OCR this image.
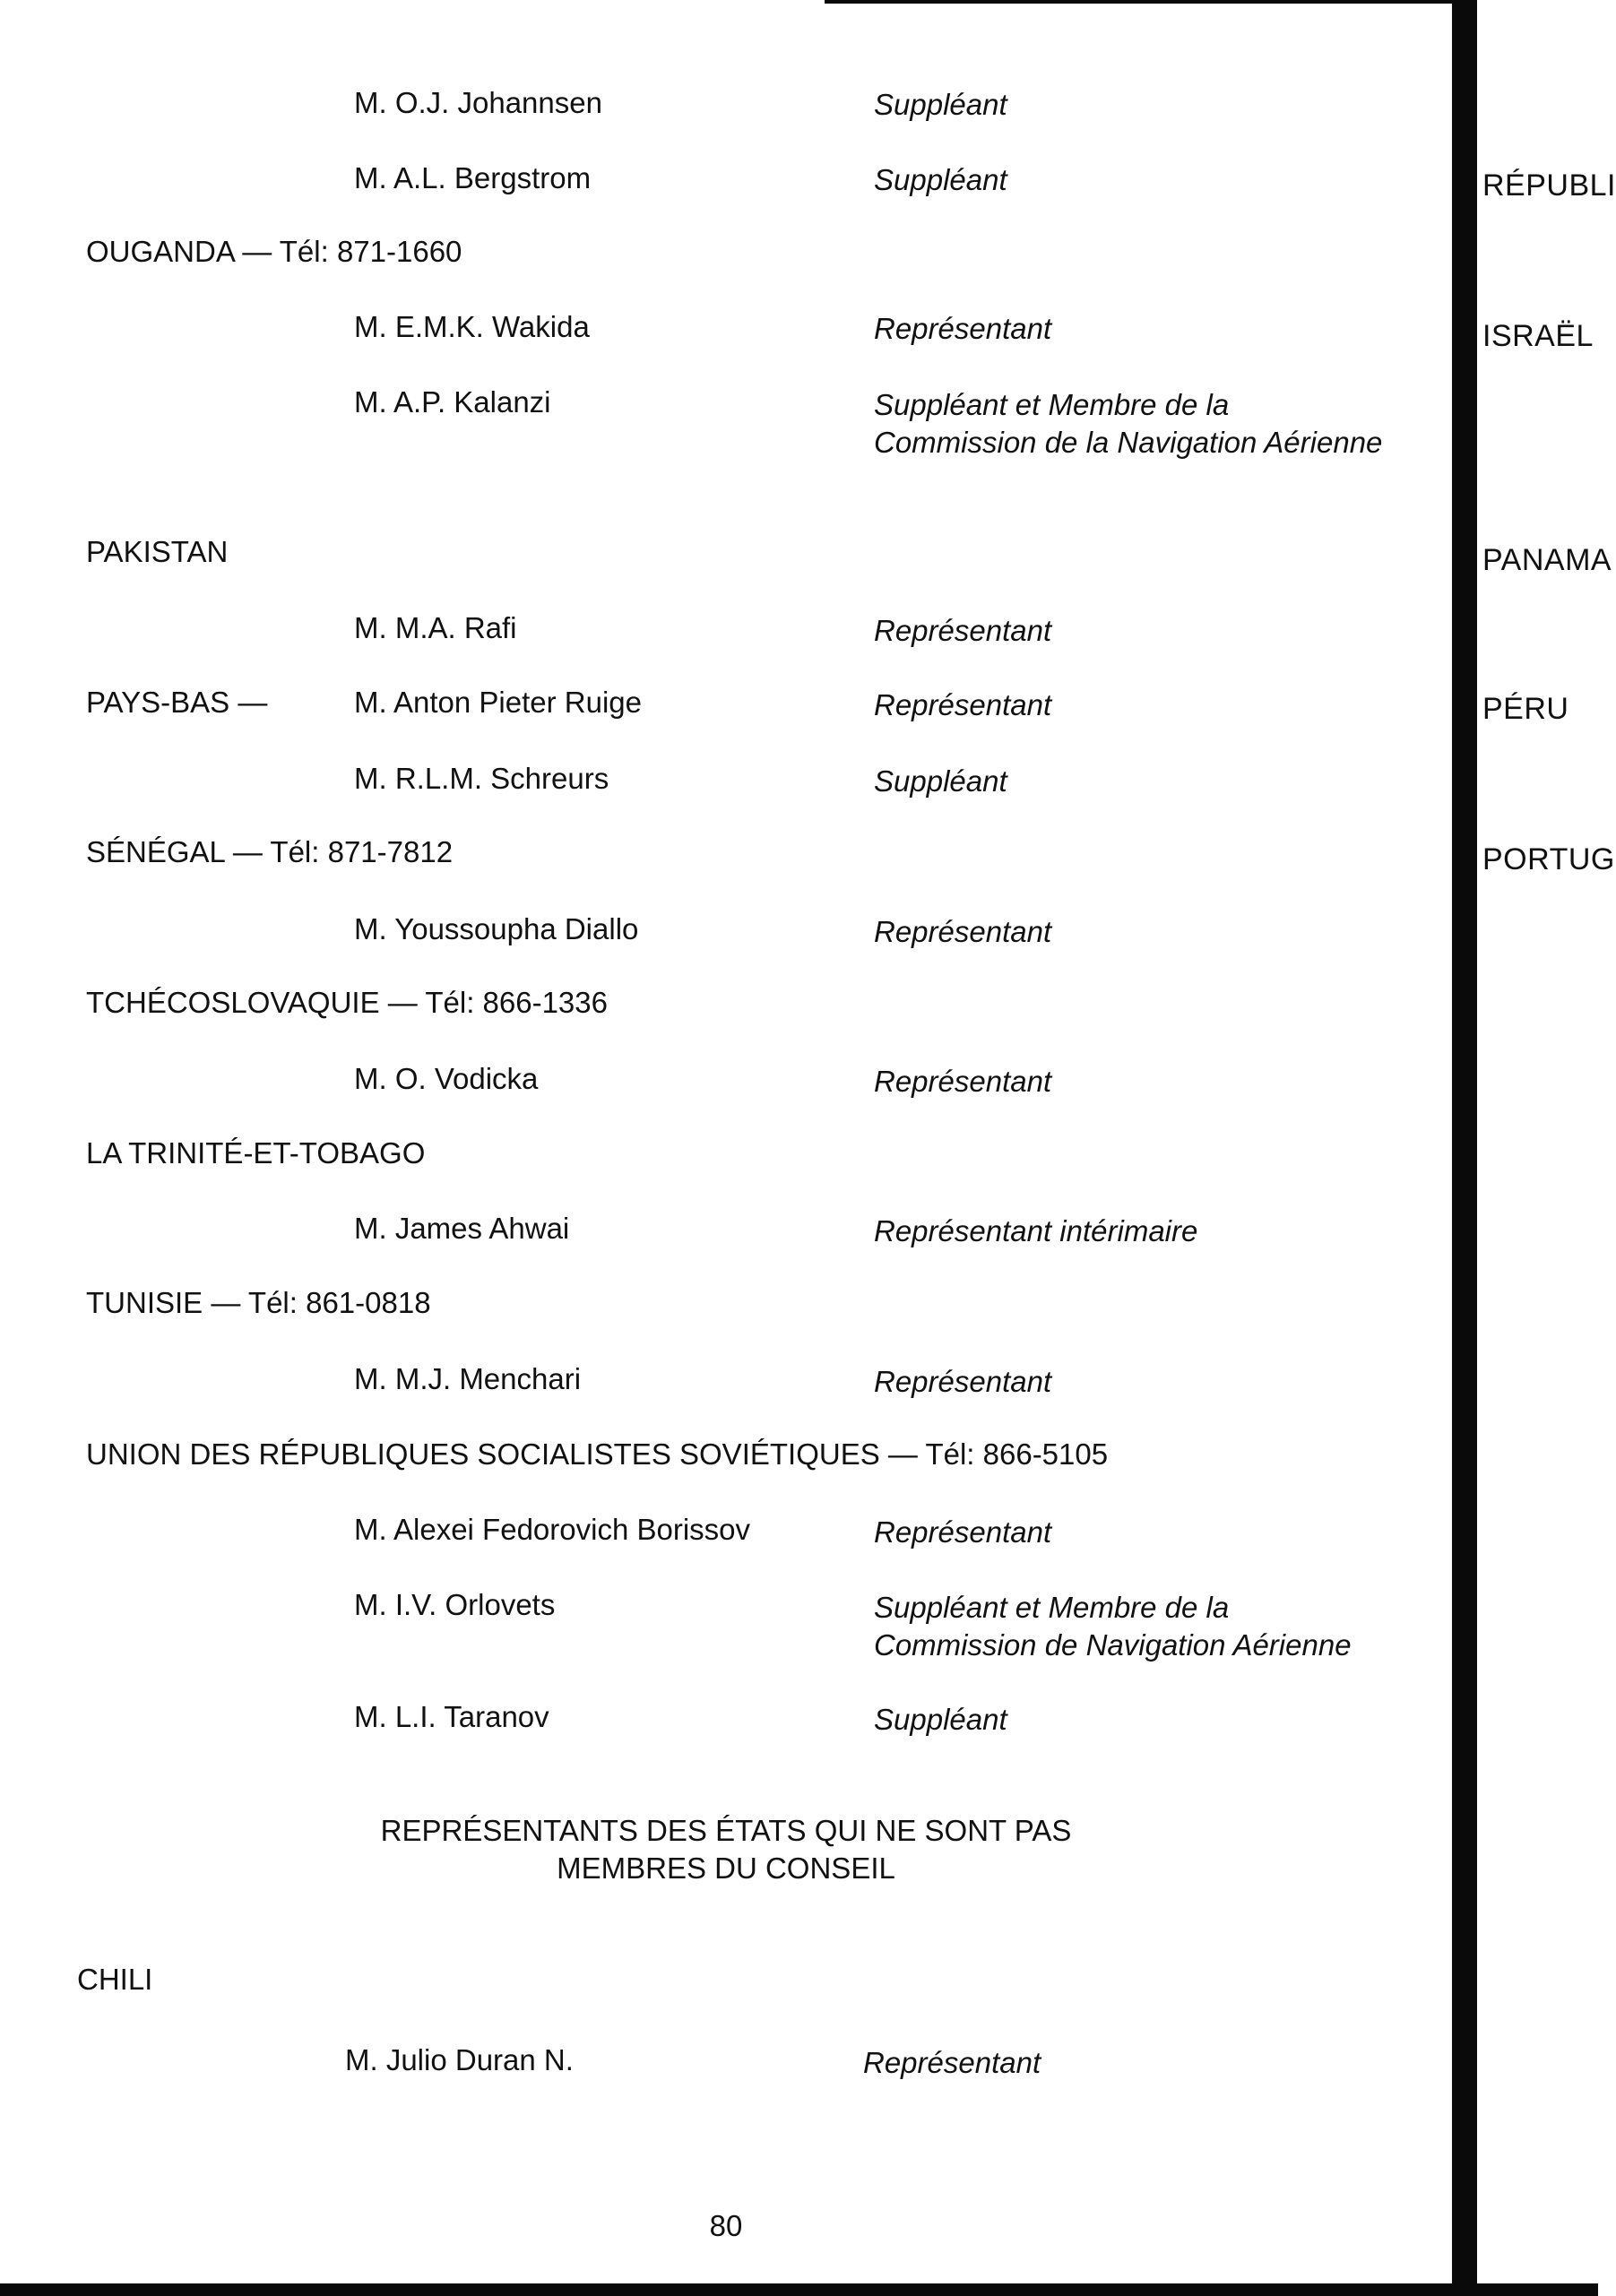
M. O.J. Johannsen	Suppléant
M. A.L. Bergstrom	Suppléant
OUGANDA — Tél: 871-1660
M. E.M.K. Wakida	Représentant
M. A.P. Kalanzi	Suppléant et Membre de la
Commission de la Navigation Aérienne
PAKISTAN
M. M.A. Rafi	Représentant
PAYS-BAS —	M. Anton Pieter Ruige	Représentant
M. R.L.M. Schreurs	Suppléant
SÉNÉGAL — Tél: 871-7812
M. Youssoupha Diallo	Représentant
TCHÉCOSLOVAQUIE — Tél: 866-1336
M. O. Vodicka	Représentant
LA TRINITÉ-ET-TOBAGO
M. James Ahwai	Représentant intérimaire
TUNISIE — Tél: 861-0818
M. M.J. Menchari	Représentant
UNION DES RÉPUBLIQUES SOCIALISTES SOVIÉTIQUES — Tél: 866-5105
M. Alexei Fedorovich Borissov	Représentant
M. I.V. Orlovets	Suppléant et Membre de la
Commission de Navigation Aérienne
M. L.I. Taranov	Suppléant
REPRÉSENTANTS DES ÉTATS QUI NE SONT PAS
MEMBRES DU CONSEIL
CHILI
M. Julio Duran N.	Représentant
80
RÉPUBLI
ISRAËL
PANAMA
PÉRU
PORTUG
